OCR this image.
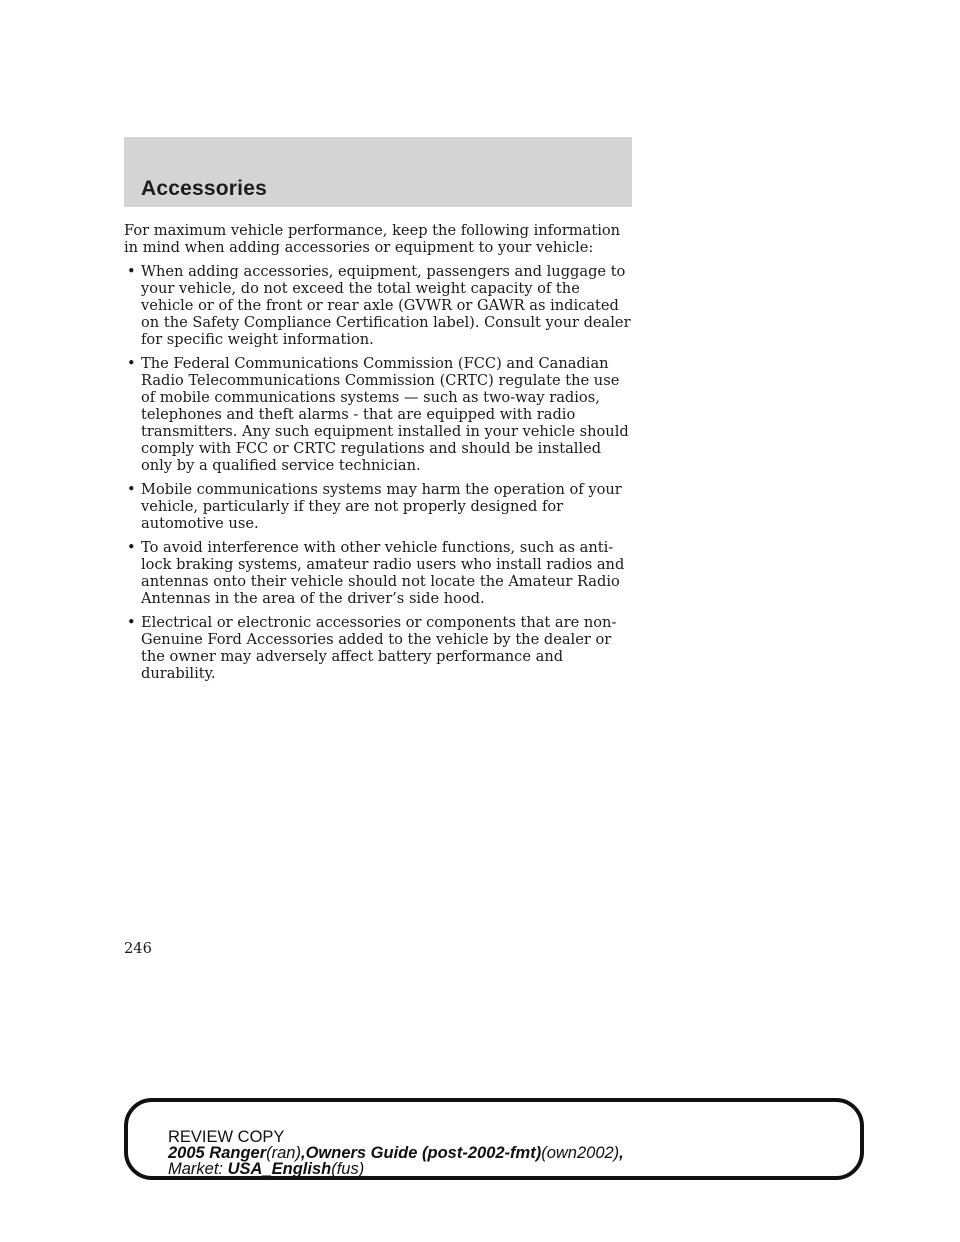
Accessories

For maximum vehicle performance, keep the following information in mind when adding accessories or equipment to your vehicle:

• When adding accessories, equipment, passengers and luggage to your vehicle, do not exceed the total weight capacity of the vehicle or of the front or rear axle (GVWR or GAWR as indicated on the Safety Compliance Certification label). Consult your dealer for specific weight information.
• The Federal Communications Commission (FCC) and Canadian Radio Telecommunications Commission (CRTC) regulate the use of mobile communications systems — such as two-way radios, telephones and theft alarms - that are equipped with radio transmitters. Any such equipment installed in your vehicle should comply with FCC or CRTC regulations and should be installed only by a qualified service technician.
• Mobile communications systems may harm the operation of your vehicle, particularly if they are not properly designed for automotive use.
• To avoid interference with other vehicle functions, such as anti-lock braking systems, amateur radio users who install radios and antennas onto their vehicle should not locate the Amateur Radio Antennas in the area of the driver’s side hood.
• Electrical or electronic accessories or components that are non-Genuine Ford Accessories added to the vehicle by the dealer or the owner may adversely affect battery performance and durability.
246
REVIEW COPY
2005 Ranger(ran),Owners Guide (post-2002-fmt)(own2002),
Market: USA_English(fus)
